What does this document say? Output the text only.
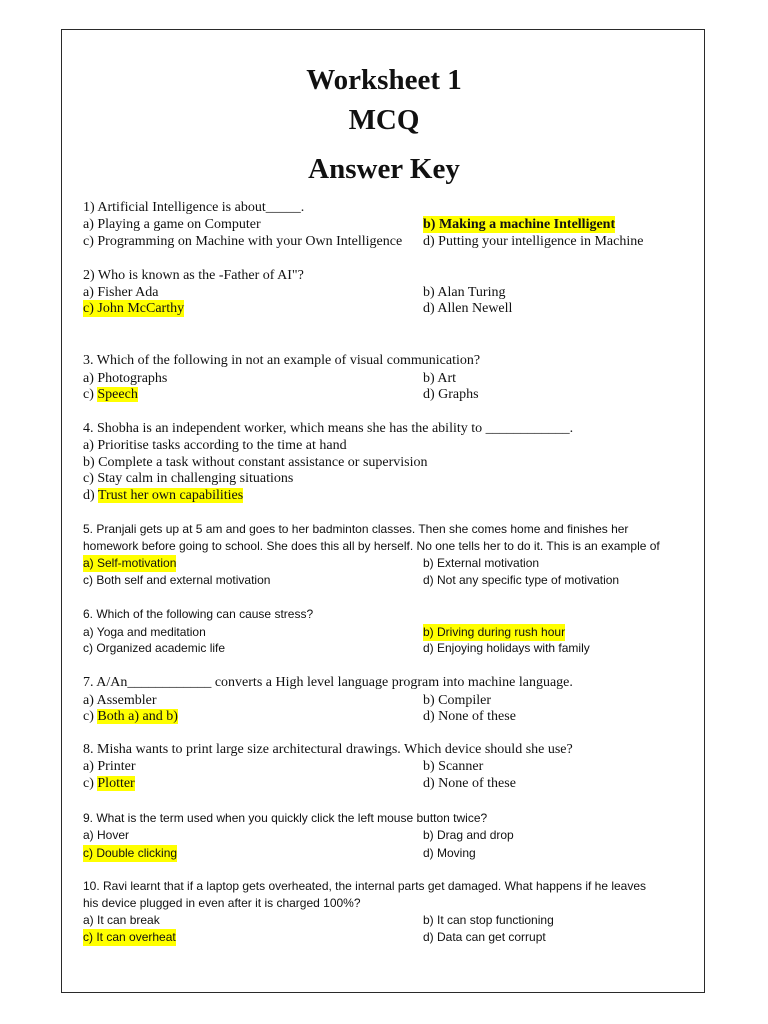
Worksheet 1
MCQ
Answer Key
1) Artificial Intelligence is about_____.
a) Playing a game on Computer	b) Making a machine Intelligent
c) Programming on Machine with your Own Intelligence d) Putting your intelligence in Machine
2) Who is known as the -Father of AI"?
a) Fisher Ada	b) Alan Turing
c) John McCarthy	d) Allen Newell
3. Which of the following in not an example of visual communication?
a) Photographs	b) Art
c) Speech	d) Graphs
4. Shobha is an independent worker, which means she has the ability to ____________.
a) Prioritise tasks according to the time at hand
b) Complete a task without constant assistance or supervision
c) Stay calm in challenging situations
d) Trust her own capabilities
5. Pranjali gets up at 5 am and goes to her badminton classes. Then she comes home and finishes her
homework before going to school. She does this all by herself. No one tells her to do it. This is an example of
a) Self-motivation	b) External motivation
c) Both self and external motivation	d) Not any specific type of motivation
6. Which of the following can cause stress?
a) Yoga and meditation	b) Driving during rush hour
c) Organized academic life	d) Enjoying holidays with family
7. A/An____________ converts a High level language program into machine language.
a) Assembler	b) Compiler
c) Both a) and b)	d) None of these
8. Misha wants to print large size architectural drawings. Which device should she use?
a) Printer	b) Scanner
c) Plotter	d) None of these
9. What is the term used when you quickly click the left mouse button twice?
a) Hover	b) Drag and drop
c) Double clicking	d) Moving
10. Ravi learnt that if a laptop gets overheated, the internal parts get damaged. What happens if he leaves
his device plugged in even after it is charged 100%?
a) It can break	b) It can stop functioning
c) It can overheat	d) Data can get corrupt
